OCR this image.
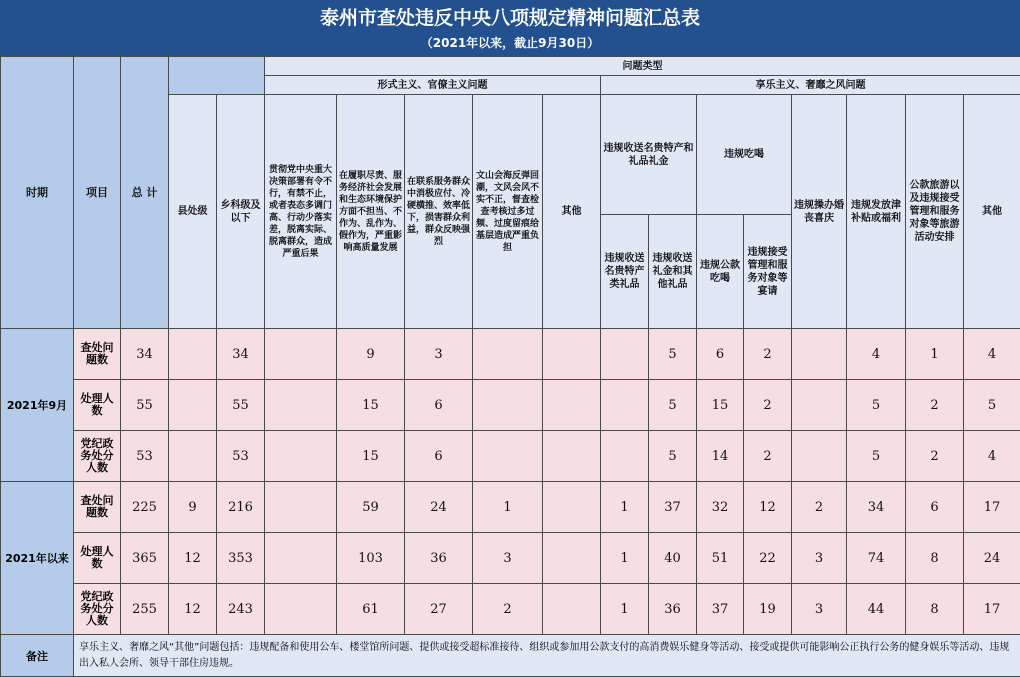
泰州市查处违反中央八项规定精神问题汇总表
（2021年以来，截止9月30日）
时期	项目	总 计			问题类型												
					形式主义、官僚主义问题					享乐主义、奢靡之风问题							
			县处级	乡科级及以下	贯彻党中央重大决策部署有令不行，有禁不止，或者表态多调门高、行动少落实差，脱离实际、脱离群众，造成严重后果	在履职尽责、服务经济社会发展和生态环境保护方面不担当、不作为、乱作为、假作为，严重影响高质量发展	在联系服务群众中消极应付、冷硬横推、效率低下，损害群众利益，群众反映强烈	文山会海反弹回潮，文风会风不实不正，督查检查考核过多过频、过度留痕给基层造成严重负担	其他	违规收送名贵特产和礼品礼金		违规吃喝		违规操办婚丧喜庆	违规发放津补贴或福利	公款旅游以及违规接受管理和服务对象等旅游活动安排	其他
										违规收送名贵特产类礼品	违规收送礼金和其他礼品	违规公款吃喝	违规接受管理和服务对象等宴请				
2021年9月	查处问题数	34		34		9	3				5	6	2		4	1	4
	处理人数	55		55		15	6				5	15	2		5	2	5
	党纪政务处分人数	53		53		15	6				5	14	2		5	2	4
2021年以来	查处问题数	225	9	216		59	24	1		1	37	32	12	2	34	6	17
	处理人数	365	12	353		103	36	3		1	40	51	22	3	74	8	24
	党纪政务处分人数	255	12	243		61	27	2		1	36	37	19	3	44	8	17
备注	享乐主义、奢靡之风“其他”问题包括：违规配备和使用公车、楼堂馆所问题、提供或接受超标准接待、组织或参加用公款支付的高消费娱乐健身等活动、接受或提供可能影响公正执行公务的健身娱乐等活动、违规出入私人会所、领导干部住房违规。																
